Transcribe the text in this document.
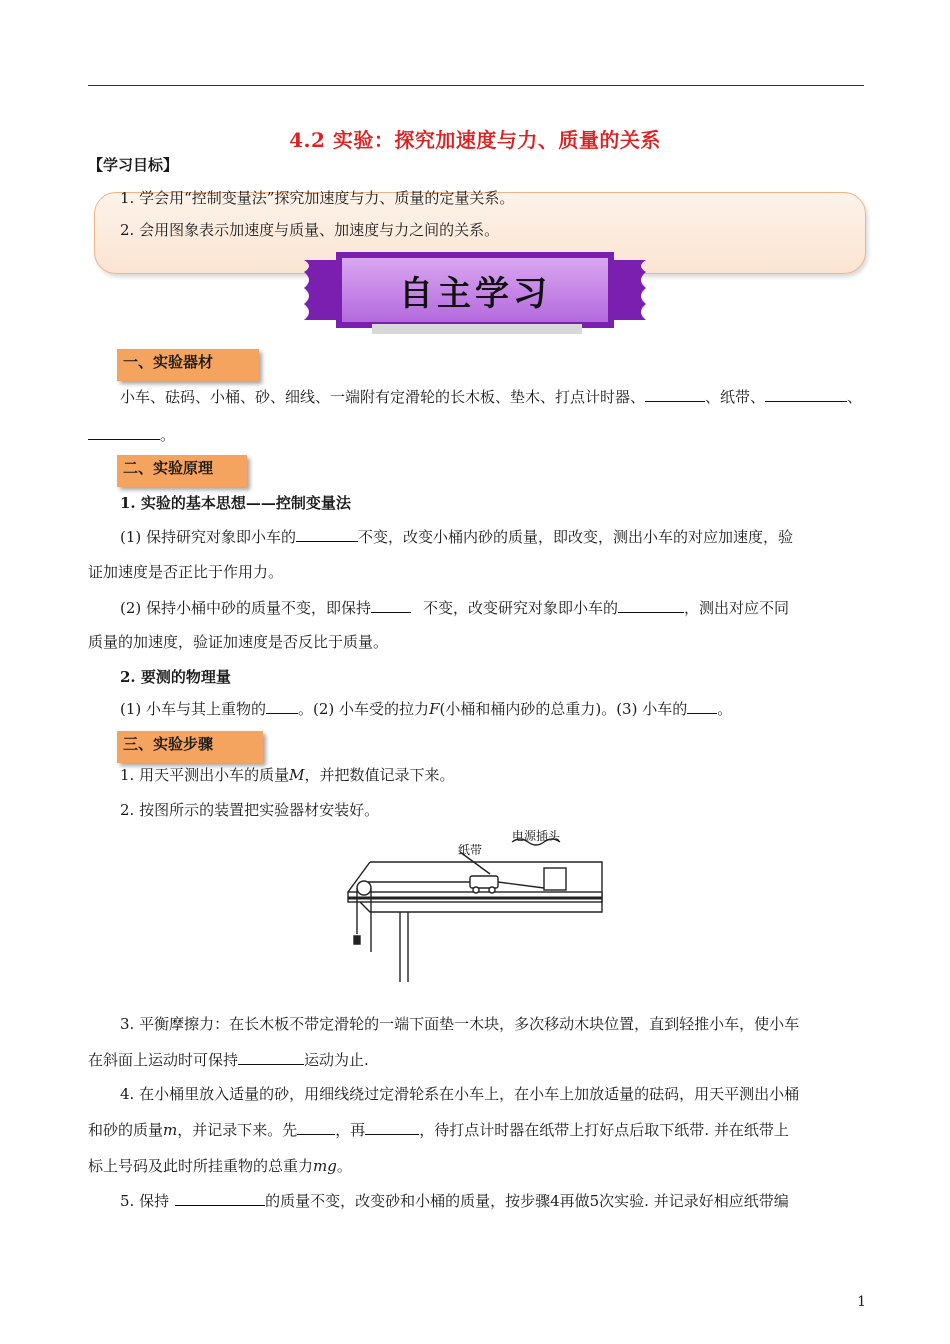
4.2 实验：探究加速度与力、质量的关系
【学习目标】
1. 学会用“控制变量法”探究加速度与力、质量的定量关系。
2. 会用图象表示加速度与质量、加速度与力之间的关系。
自主学习
一、实验器材
小车、砝码、小桶、砂、细线、一端附有定滑轮的长木板、垫木、打点计时器、	、纸带、	、
。
二、实验原理
1. 实验的基本思想——控制变量法
(1) 保持研究对象即小车的	不变，改变小桶内砂的质量，即改变，测出小车的对应加速度，验
证加速度是否正比于作用力。
(2) 保持小桶中砂的质量不变，即保持	不变，改变研究对象即小车的	，测出对应不同
质量的加速度，验证加速度是否反比于质量。
2. 要测的物理量
(1) 小车与其上重物的 。(2) 小车受的拉力F(小桶和桶内砂的总重力)。(3) 小车的 。
三、实验步骤
1. 用天平测出小车的质量M，并把数值记录下来。
2. 按图所示的装置把实验器材安装好。
电源插头
纸带
3. 平衡摩擦力：在长木板不带定滑轮的一端下面垫一木块，多次移动木块位置，直到轻推小车，使小车
在斜面上运动时可保持	运动为止.
4. 在小桶里放入适量的砂，用细线绕过定滑轮系在小车上，在小车上加放适量的砝码，用天平测出小桶
和砂的质量m，并记录下来。先	，再	，待打点计时器在纸带上打好点后取下纸带. 并在纸带上
标上号码及此时所挂重物的总重力mg。
5. 保持	的质量不变，改变砂和小桶的质量，按步骤4再做5次实验. 并记录好相应纸带编
1
